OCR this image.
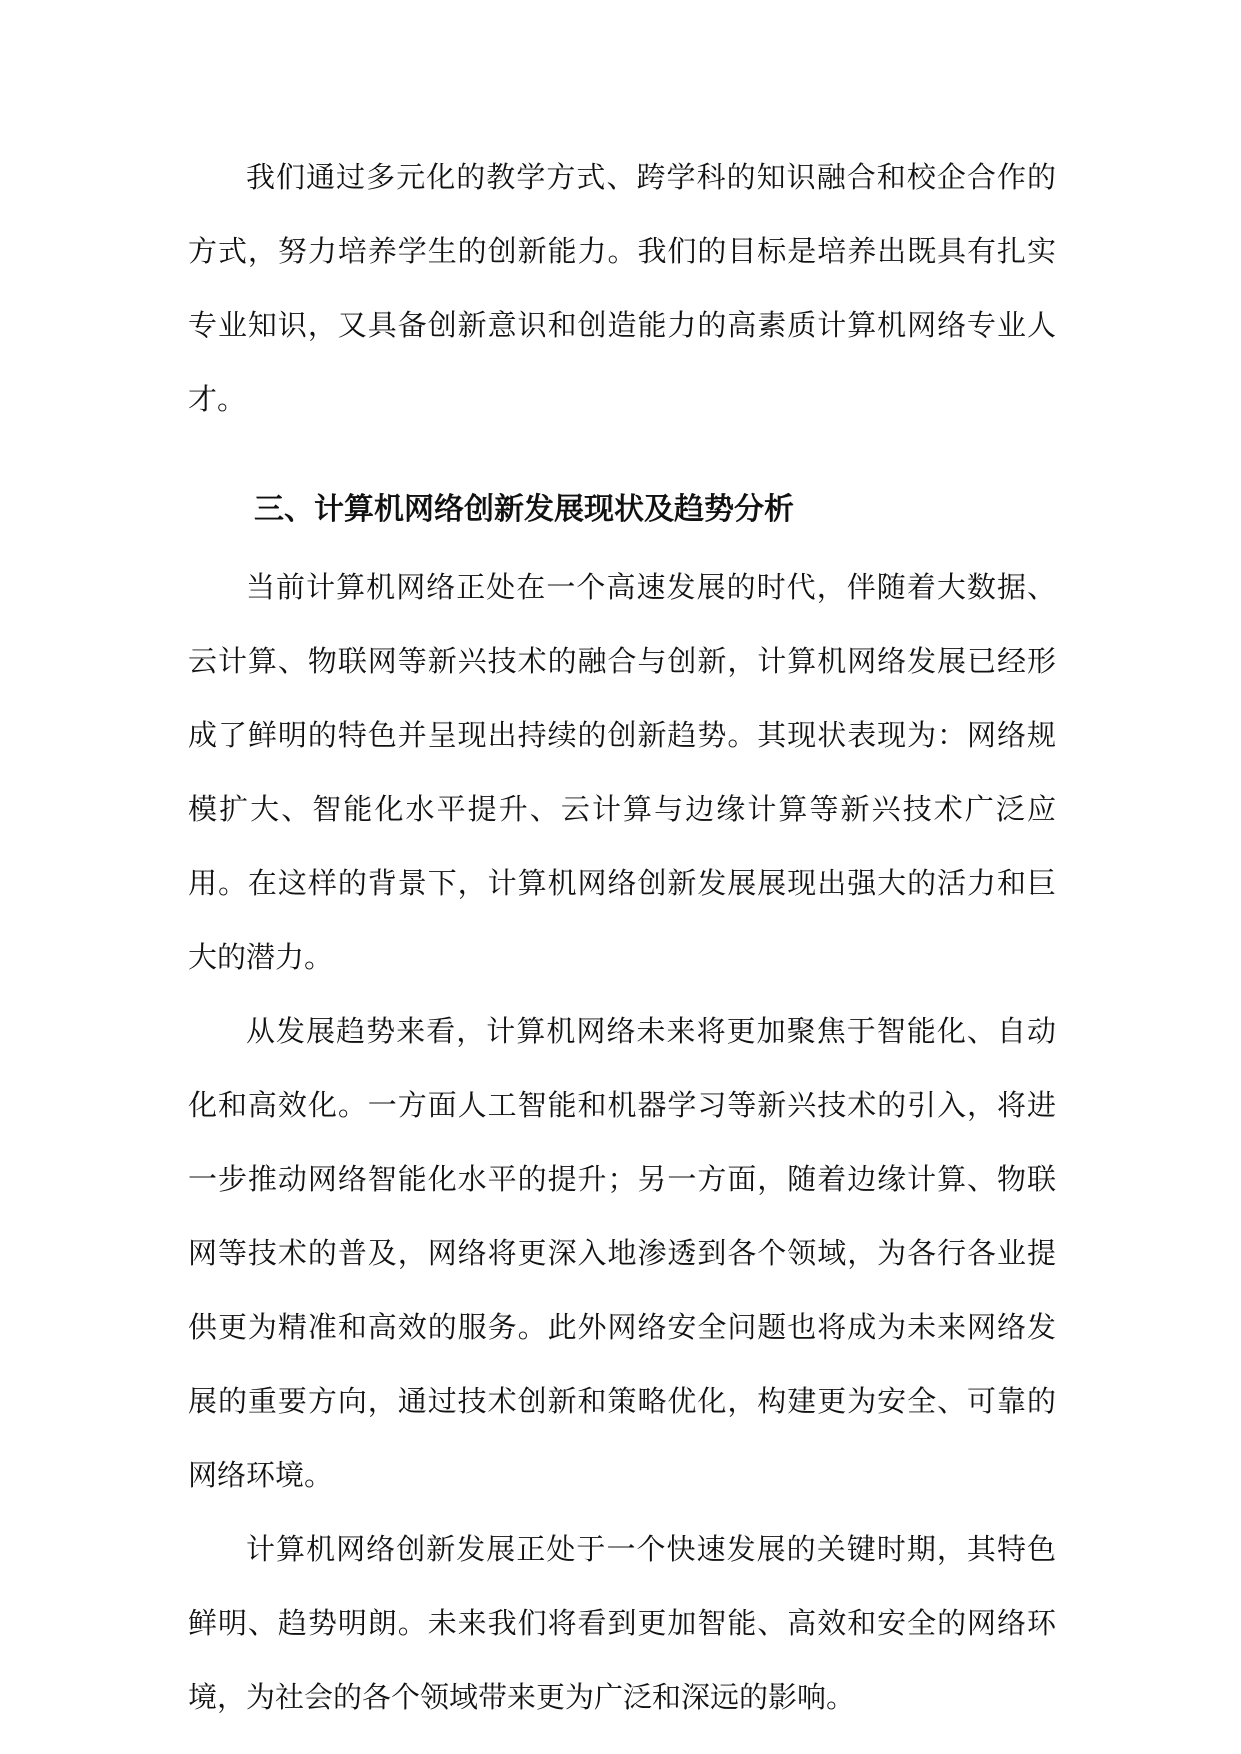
我们通过多元化的教学方式、跨学科的知识融合和校企合作的方式，努力培养学生的创新能力。我们的目标是培养出既具有扎实专业知识，又具备创新意识和创造能力的高素质计算机网络专业人才。

三、计算机网络创新发展现状及趋势分析

当前计算机网络正处在一个高速发展的时代，伴随着大数据、云计算、物联网等新兴技术的融合与创新，计算机网络发展已经形成了鲜明的特色并呈现出持续的创新趋势。其现状表现为：网络规模扩大、智能化水平提升、云计算与边缘计算等新兴技术广泛应用。在这样的背景下，计算机网络创新发展展现出强大的活力和巨大的潜力。

从发展趋势来看，计算机网络未来将更加聚焦于智能化、自动化和高效化。一方面人工智能和机器学习等新兴技术的引入，将进一步推动网络智能化水平的提升；另一方面，随着边缘计算、物联网等技术的普及，网络将更深入地渗透到各个领域，为各行各业提供更为精准和高效的服务。此外网络安全问题也将成为未来网络发展的重要方向，通过技术创新和策略优化，构建更为安全、可靠的网络环境。

计算机网络创新发展正处于一个快速发展的关键时期，其特色鲜明、趋势明朗。未来我们将看到更加智能、高效和安全的网络环境，为社会的各个领域带来更为广泛和深远的影响。
